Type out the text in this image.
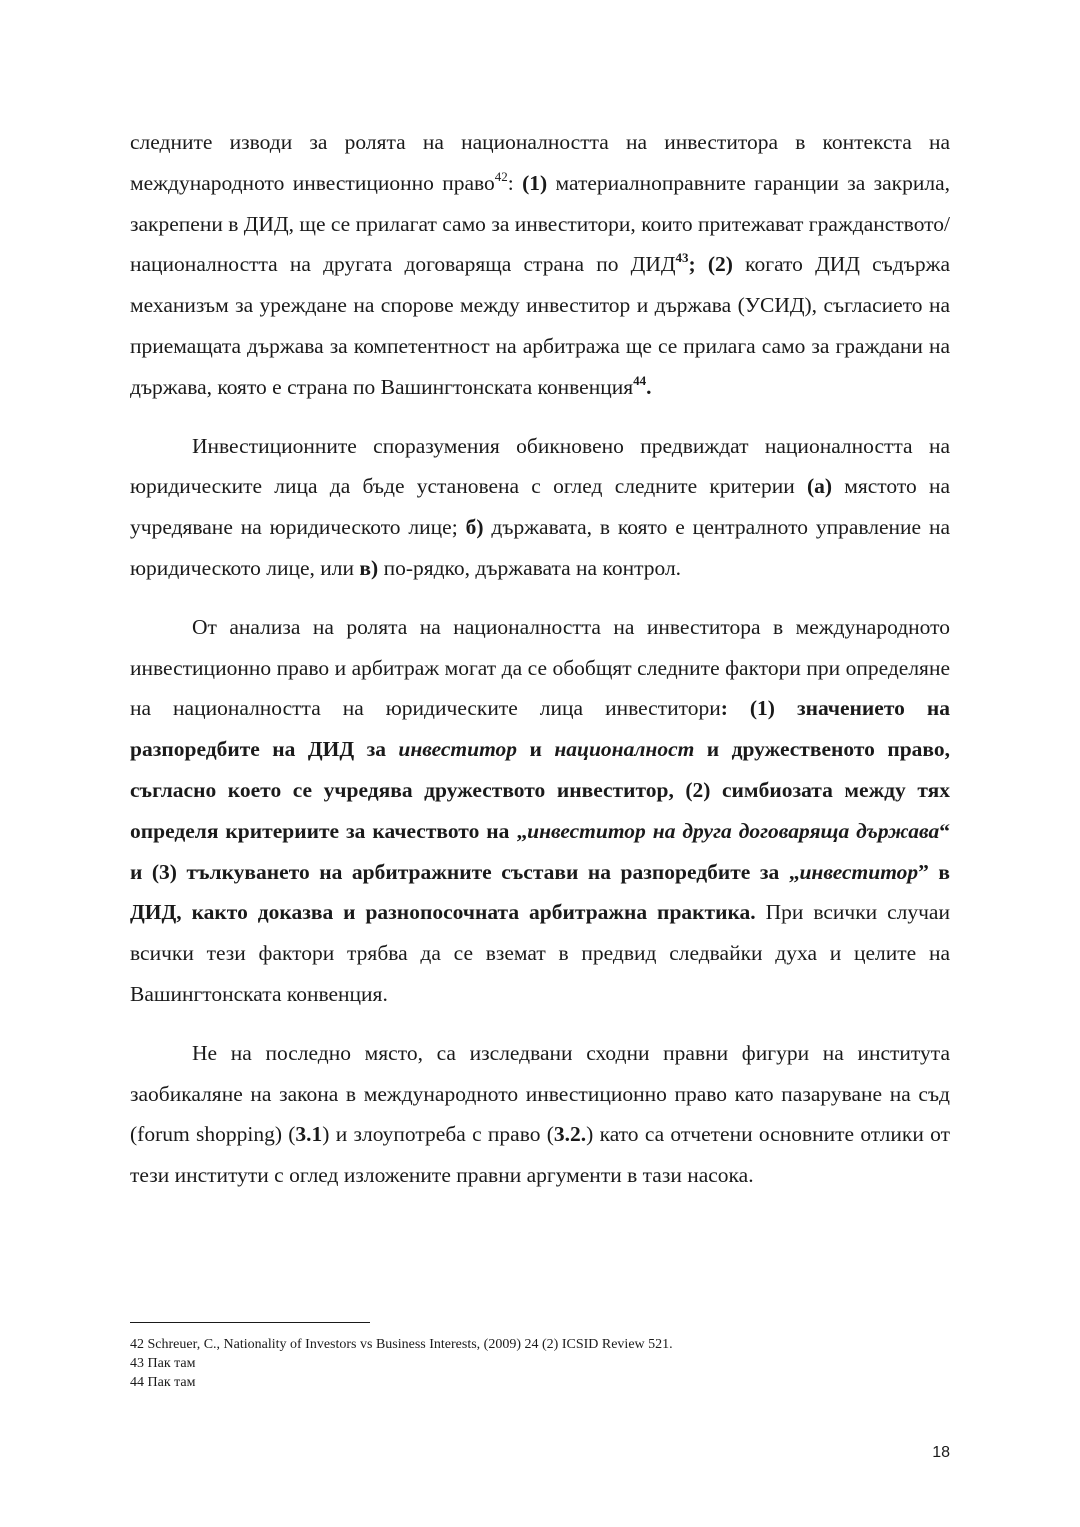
следните изводи за ролята на националността на инвеститора в контекста на международното инвестиционно право$^{42}$: (1) материалноправните гаранции за закрила, закрепени в ДИД, ще се прилагат само за инвеститори, които притежават гражданството/националността на другата договаряща страна по ДИД$^{43}$; (2) когато ДИД съдържа механизъм за уреждане на спорове между инвеститор и държава (УСИД), съгласието на приемащата държава за компетентност на арбитража ще се прилага само за граждани на държава, която е страна по Вашингтонската конвенция$^{44}$.

Инвестиционните споразумения обикновено предвиждат националността на юридическите лица да бъде установена с оглед следните критерии (а) мястото на учредяване на юридическото лице; б) държавата, в която е централното управление на юридическото лице, или в) по-рядко, държавата на контрол.

От анализа на ролята на националността на инвеститора в международното инвестиционно право и арбитраж могат да се обобщят следните фактори при определяне на националността на юридическите лица инвеститори: (1) значението на разпоредбите на ДИД за инвеститор и националност и дружественото право, съгласно което се учредява дружеството инвеститор, (2) симбиозата между тях определя критериите за качеството на „инвеститор на друга договаряща държава“ и (3) тълкуването на арбитражните състави на разпоредбите за „инвеститор” в ДИД, както доказва и разнопосочната арбитражна практика. При всички случаи всички тези фактори трябва да се вземат в предвид следвайки духа и целите на Вашингтонската конвенция.

Не на последно място, са изследвани сходни правни фигури на института заобикаляне на закона в международното инвестиционно право като пазаруване на съд (forum shopping) (3.1) и злоупотреба с право (3.2.) като са отчетени основните отлики от тези институти с оглед изложените правни аргументи в тази насока.

42 Schreuer, C., Nationality of Investors vs Business Interests, (2009) 24 (2) ICSID Review 521.
43 Пак там
44 Пак там
18
